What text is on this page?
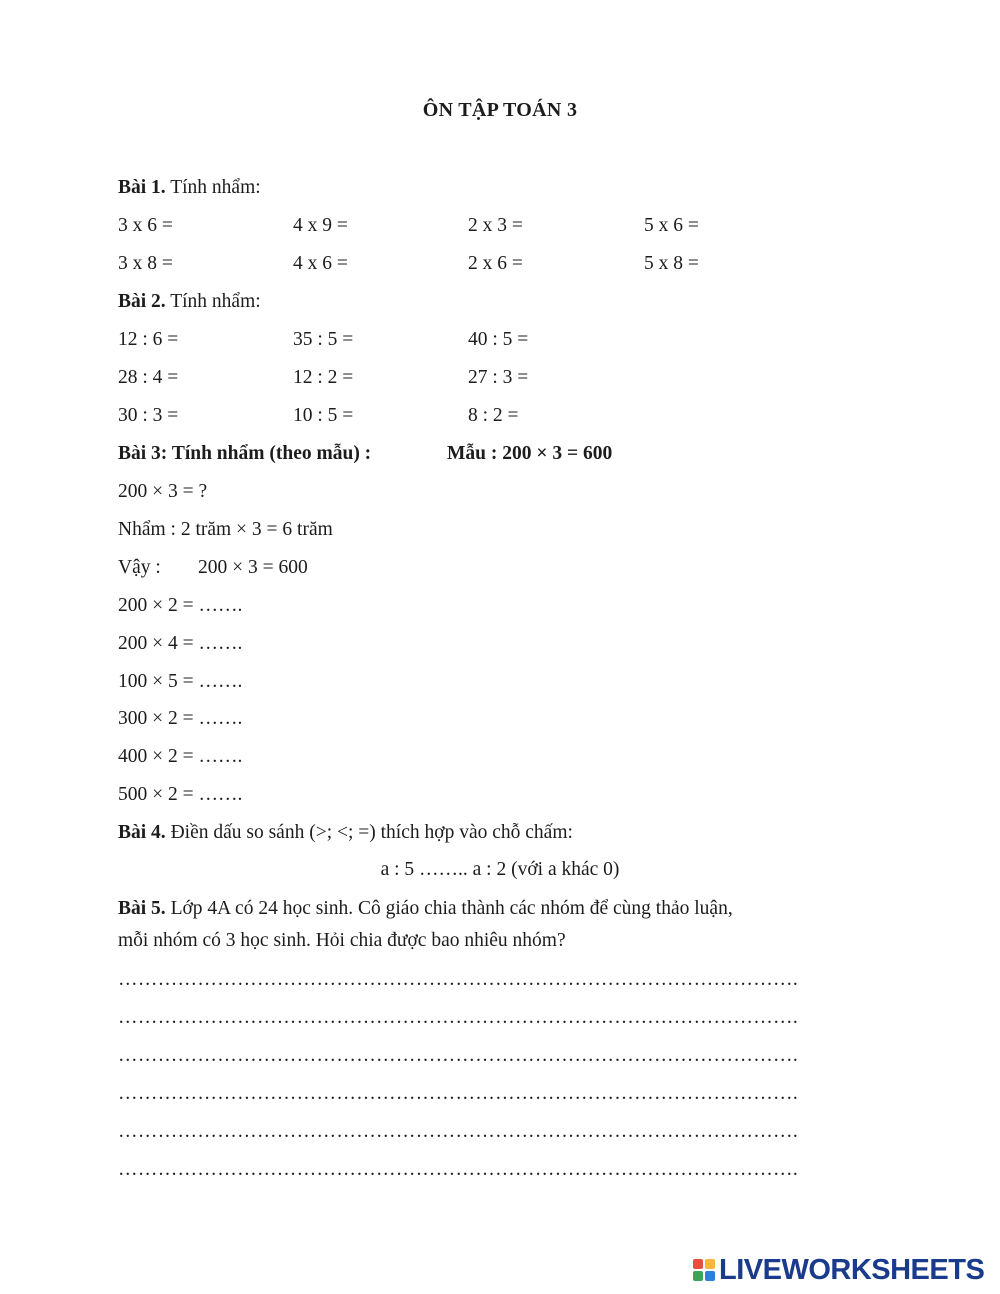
ÔN TẬP TOÁN 3
Bài 1. Tính nhẩm:
3 x 6 =	4 x 9 =	2 x 3 =	5 x 6 =
3 x 8 =	4 x 6 =	2 x 6 =	5 x 8 =
Bài 2. Tính nhẩm:
12 : 6 =	35 : 5 =	40 : 5 =
28 : 4 =	12 : 2 =	27 : 3 =
30 : 3 =	10 : 5 =	8 : 2 =
Bài 3: Tính nhẩm (theo mẫu) :	Mẫu : 200 × 3 = 600
200 × 3 = ?
Nhẩm : 2 trăm × 3 = 6 trăm
Vậy : 200 × 3 = 600
200 × 2 = …….
200 × 4 = …….
100 × 5 = …….
300 × 2 = …….
400 × 2 = …….
500 × 2 = …….
Bài 4. Điền dấu so sánh (>; <; =) thích hợp vào chỗ chấm:
a : 5 …….. a : 2 (với a khác 0)
Bài 5. Lớp 4A có 24 học sinh. Cô giáo chia thành các nhóm để cùng thảo luận,
mỗi nhóm có 3 học sinh. Hỏi chia được bao nhiêu nhóm?
………………………………………………………………………………………….
………………………………………………………………………………………….
………………………………………………………………………………………….
………………………………………………………………………………………….
………………………………………………………………………………………….
………………………………………………………………………………………….
LIVEWORKSHEETS
